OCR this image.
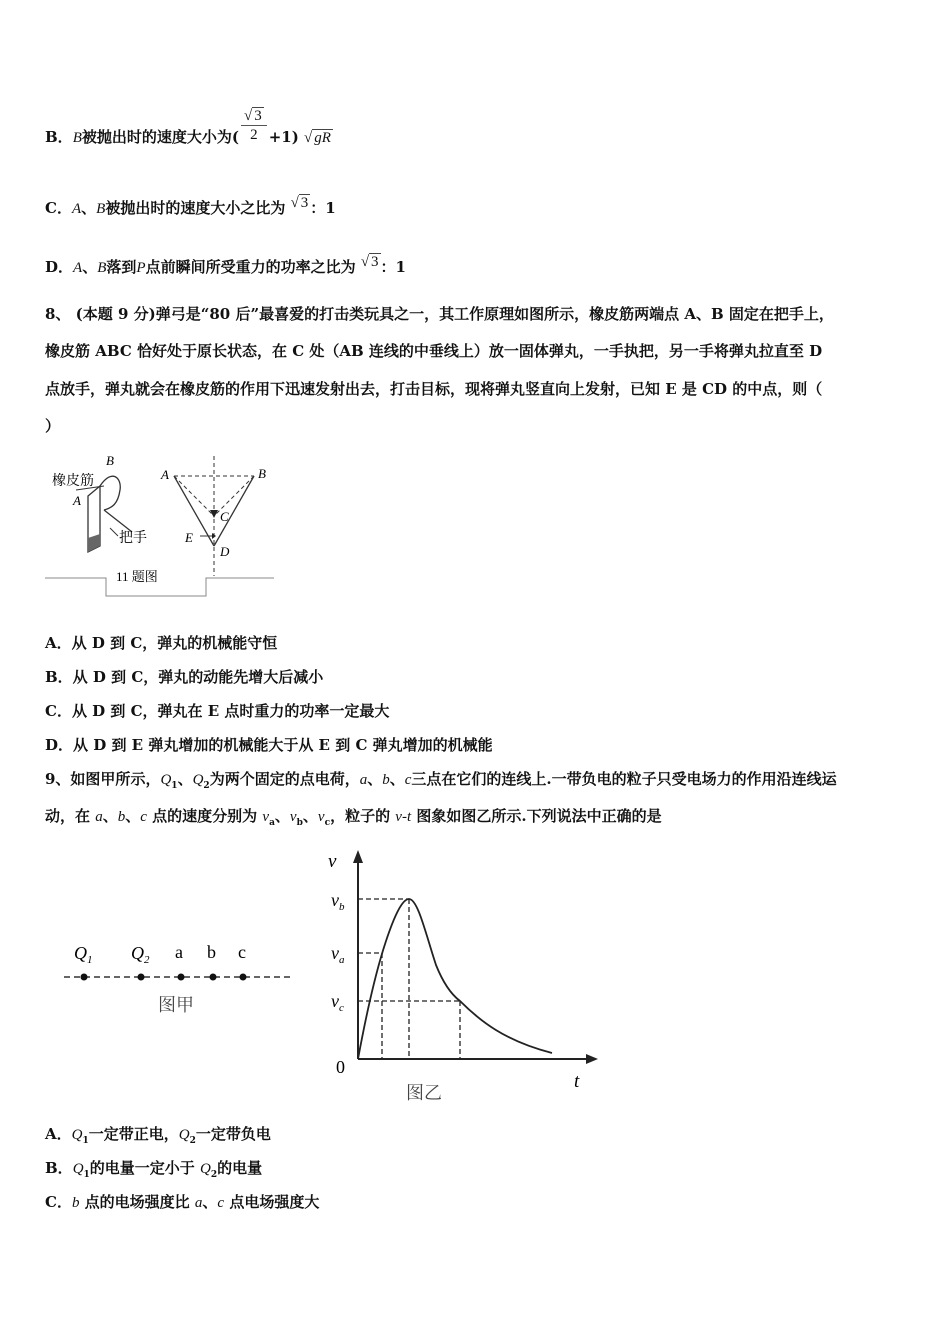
B．B被抛出时的速度大小为( $\frac{√ 3}{2} +1$) √ gR
C．A、B被抛出时的速度大小之比为 √ 3 ：1
D．A、B落到P点前瞬间所受重力的功率之比为 √ 3 ：1
8、 (本题 9 分)弹弓是“80 后”最喜爱的打击类玩具之一，其工作原理如图所示，橡皮筋两端点 A、B 固定在把手上，
橡皮筋 ABC 恰好处于原长状态，在 C 处（AB 连线的中垂线上）放一固体弹丸，一手执把，另一手将弹丸拉直至 D
点放手，弹丸就会在橡皮筋的作用下迅速发射出去，打击目标，现将弹丸竖直向上发射，已知 E 是 CD 的中点，则（
）
橡皮筋
B
A
把手
A	B
C
E
D
11 题图
A．从 D 到 C，弹丸的机械能守恒
B．从 D 到 C，弹丸的动能先增大后减小
C．从 D 到 C，弹丸在 E 点时重力的功率一定最大
D．从 D 到 E 弹丸增加的机械能大于从 E 到 C 弹丸增加的机械能
9、如图甲所示，$Q_1$、$Q_2$为两个固定的点电荷，a、b、c三点在它们的连线上.一带负电的粒子只受电场力的作用沿连线运
动，在 a、b、c 点的速度分别为 $v_a$、$v_b$、$v_c$，粒子的 v-t 图象如图乙所示.下列说法中正确的是
$Q_1$ $Q_2$ a b c
图甲
v
t
0
$v_b$
$v_a$
$v_c$
图乙
A．$Q_1$一定带正电，$Q_2$一定带负电
B．$Q_1$的电量一定小于 $Q_2$的电量
C．b 点的电场强度比 a、c 点电场强度大
